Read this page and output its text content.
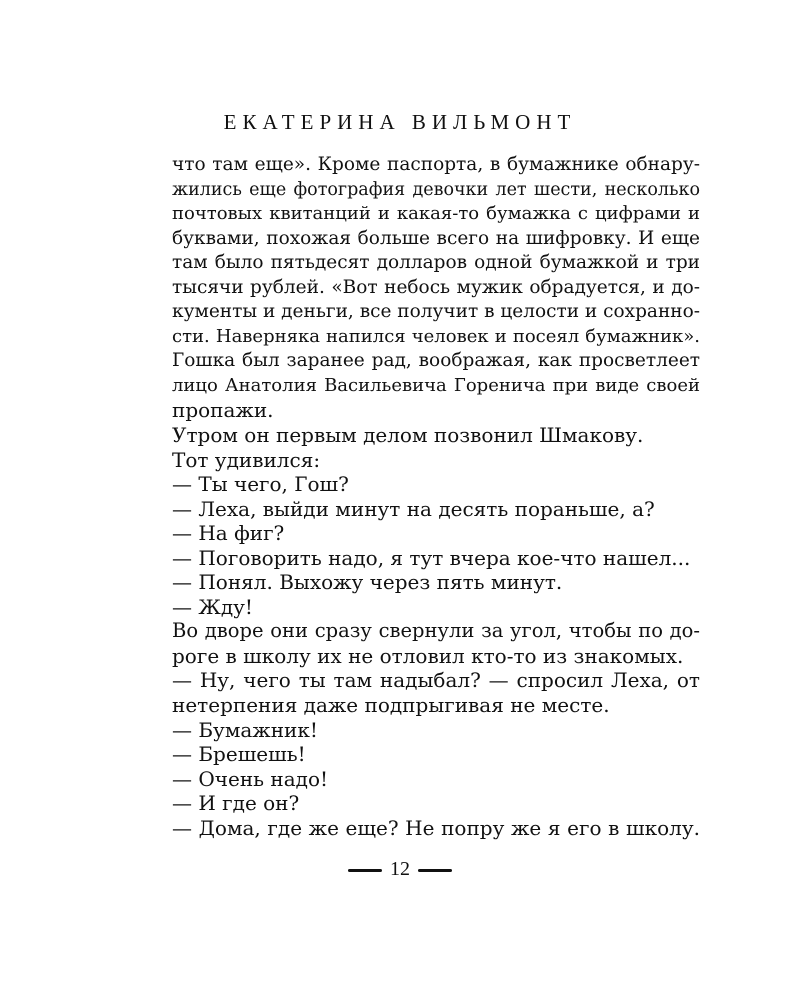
ЕКАТЕРИНА ВИЛЬМОНТ
что там еще». Кроме паспорта, в бумажнике обнару-
жились еще фотография девочки лет шести, несколько
почтовых квитанций и какая-то бумажка с цифрами и
буквами, похожая больше всего на шифровку. И еще
там было пятьдесят долларов одной бумажкой и три
тысячи рублей. «Вот небось мужик обрадуется, и до-
кументы и деньги, все получит в целости и сохранно-
сти. Наверняка напился человек и посеял бумажник».
Гошка был заранее рад, воображая, как просветлеет
лицо Анатолия Васильевича Горенича при виде своей
пропажи.
Утром он первым делом позвонил Шмакову.
Тот удивился:
— Ты чего, Гош?
— Леха, выйди минут на десять пораньше, а?
— На фиг?
— Поговорить надо, я тут вчера кое-что нашел...
— Понял. Выхожу через пять минут.
— Жду!
Во дворе они сразу свернули за угол, чтобы по до-
роге в школу их не отловил кто-то из знакомых.
— Ну, чего ты там надыбал? — спросил Леха, от
нетерпения даже подпрыгивая не месте.
— Бумажник!
— Брешешь!
— Очень надо!
— И где он?
— Дома, где же еще? Не попру же я его в школу.
12
